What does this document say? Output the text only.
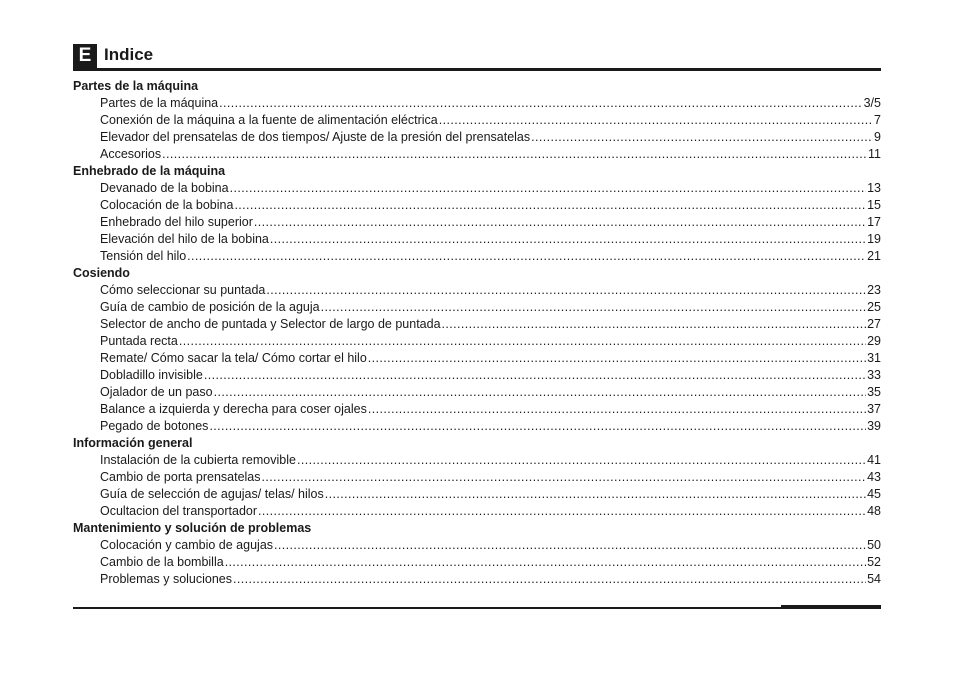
E Indice
Partes de la máquina
Partes de la máquina .....	3/5
Conexión de la máquina a la fuente de alimentación eléctrica .....	7
Elevador del prensatelas de dos tiempos/ Ajuste de la presión del prensatelas .....	9
Accesorios .....	11
Enhebrado de la máquina
Devanado de la bobina .....	13
Colocación de la bobina .....	15
Enhebrado del hilo superior .....	17
Elevación del hilo de la bobina .....	19
Tensión del hilo .....	21
Cosiendo
Cómo seleccionar su puntada .....	23
Guía de cambio de posición de la aguja .....	25
Selector de ancho de puntada y Selector de largo de puntada .....	27
Puntada recta .....	29
Remate/ Cómo sacar la tela/ Cómo cortar el hilo .....	31
Dobladillo invisible .....	33
Ojalador de un paso .....	35
Balance a izquierda y derecha para coser ojales .....	37
Pegado de botones .....	39
Información general
Instalación de la cubierta removible .....	41
Cambio de porta prensatelas .....	43
Guía de selección de agujas/ telas/ hilos .....	45
Ocultacion del transportador .....	48
Mantenimiento y solución de problemas
Colocación y cambio de agujas .....	50
Cambio de la bombilla .....	52
Problemas y soluciones .....	54
